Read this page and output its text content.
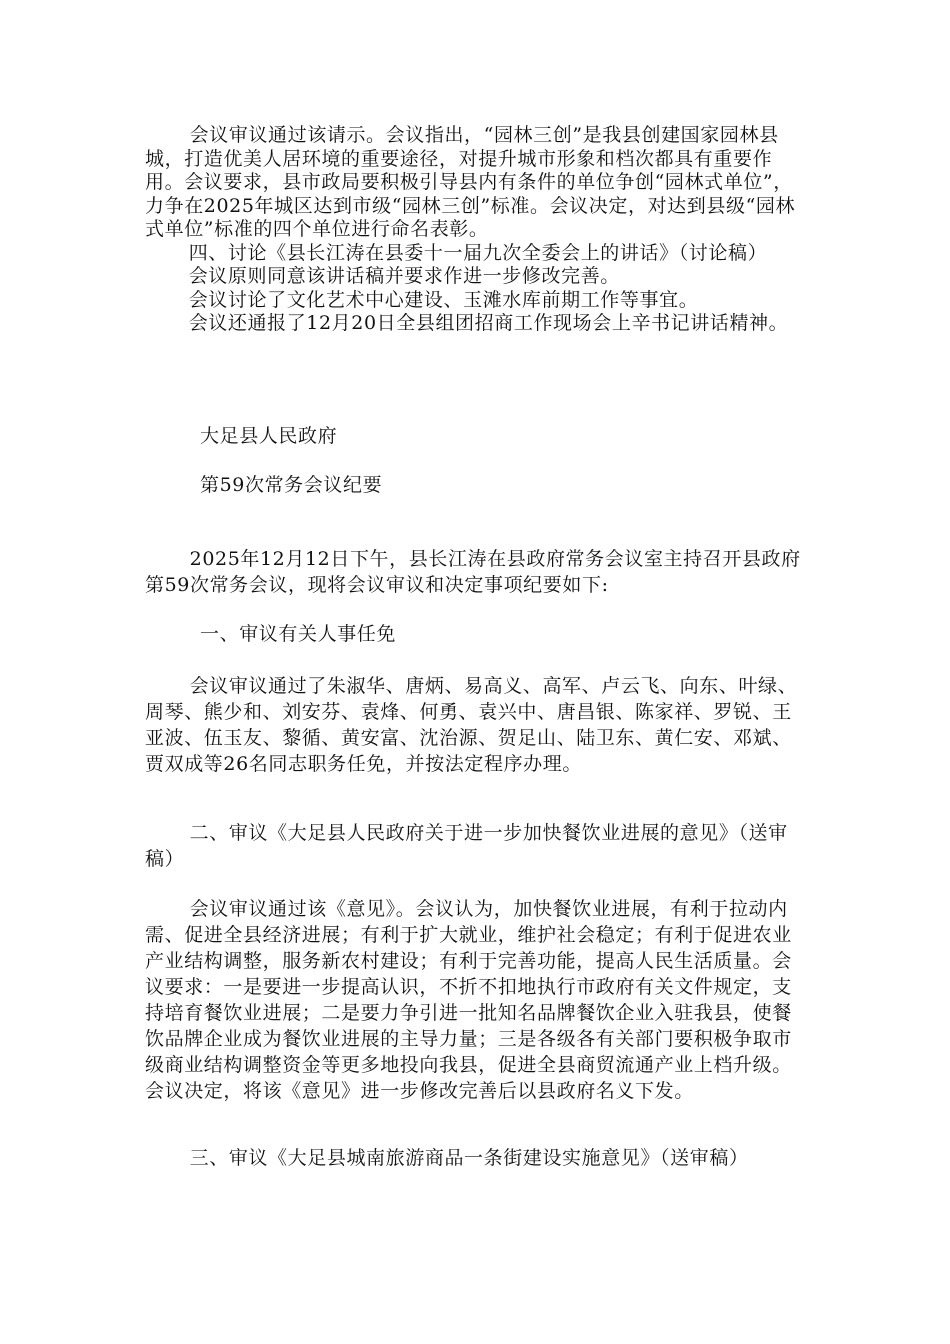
会议审议通过该请示。会议指出，“园林三创”是我县创建国家园林县城，打造优美人居环境的重要途径，对提升城市形象和档次都具有重要作用。会议要求，县市政局要积极引导县内有条件的单位争创“园林式单位”，力争在2025年城区达到市级“园林三创”标准。会议决定，对达到县级“园林式单位”标准的四个单位进行命名表彰。

四、讨论《县长江涛在县委十一届九次全委会上的讲话》（讨论稿）

会议原则同意该讲话稿并要求作进一步修改完善。

会议讨论了文化艺术中心建设、玉滩水库前期工作等事宜。

会议还通报了12月20日全县组团招商工作现场会上辛书记讲话精神。

大足县人民政府

第59次常务会议纪要

2025年12月12日下午，县长江涛在县政府常务会议室主持召开县政府第59次常务会议，现将会议审议和决定事项纪要如下:

一、审议有关人事任免

会议审议通过了朱淑华、唐炳、易高义、高军、卢云飞、向东、叶绿、周琴、熊少和、刘安芬、袁烽、何勇、袁兴中、唐昌银、陈家祥、罗锐、王亚波、伍玉友、黎循、黄安富、沈治源、贺足山、陆卫东、黄仁安、邓斌、贾双成等26名同志职务任免，并按法定程序办理。

二、审议《大足县人民政府关于进一步加快餐饮业进展的意见》（送审稿）

会议审议通过该《意见》。会议认为，加快餐饮业进展，有利于拉动内需、促进全县经济进展；有利于扩大就业，维护社会稳定；有利于促进农业产业结构调整，服务新农村建设；有利于完善功能，提高人民生活质量。会议要求：一是要进一步提高认识，不折不扣地执行市政府有关文件规定，支持培育餐饮业进展；二是要力争引进一批知名品牌餐饮企业入驻我县，使餐饮品牌企业成为餐饮业进展的主导力量；三是各级各有关部门要积极争取市级商业结构调整资金等更多地投向我县，促进全县商贸流通产业上档升级。会议决定，将该《意见》进一步修改完善后以县政府名义下发。

三、审议《大足县城南旅游商品一条街建设实施意见》（送审稿）
